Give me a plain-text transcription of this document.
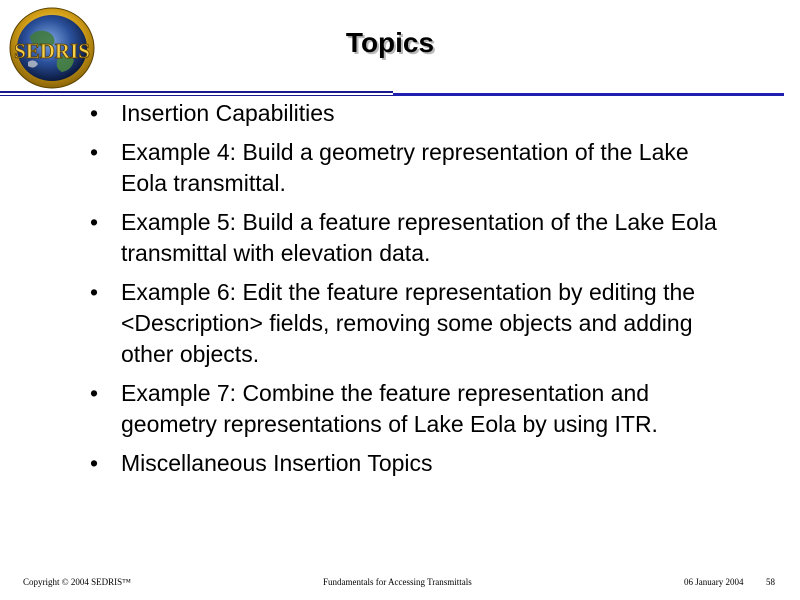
SEDRIS	Topics
• Insertion Capabilities
• Example 4: Build a geometry representation of the Lake Eola transmittal.
• Example 5: Build a feature representation of the Lake Eola transmittal with elevation data.
• Example 6: Edit the feature representation by editing the <Description> fields, removing some objects and adding other objects.
• Example 7: Combine the feature representation and geometry representations of Lake Eola by using ITR.
• Miscellaneous Insertion Topics
Copyright © 2004 SEDRIS™	Fundamentals for Accessing Transmittals	06 January 2004	58
